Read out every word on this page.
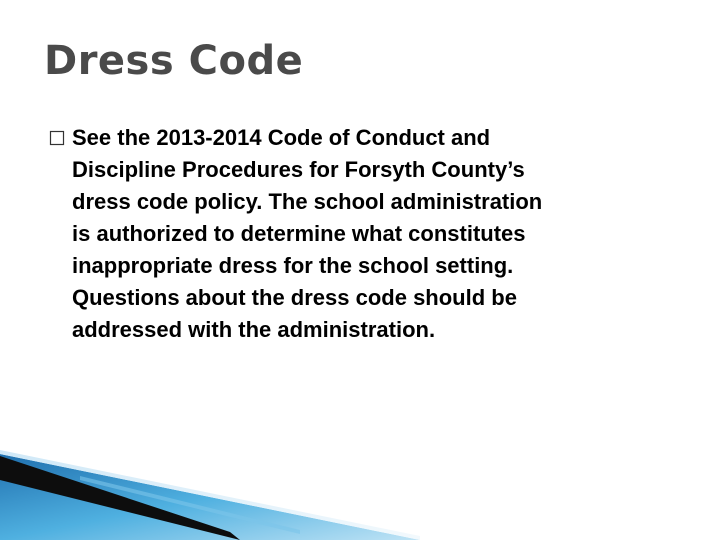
Dress Code

See the 2013-2014 Code of Conduct and
Discipline Procedures for Forsyth County’s
dress code policy. The school administration
is authorized to determine what constitutes
inappropriate dress for the school setting.
Questions about the dress code should be
addressed with the administration.
